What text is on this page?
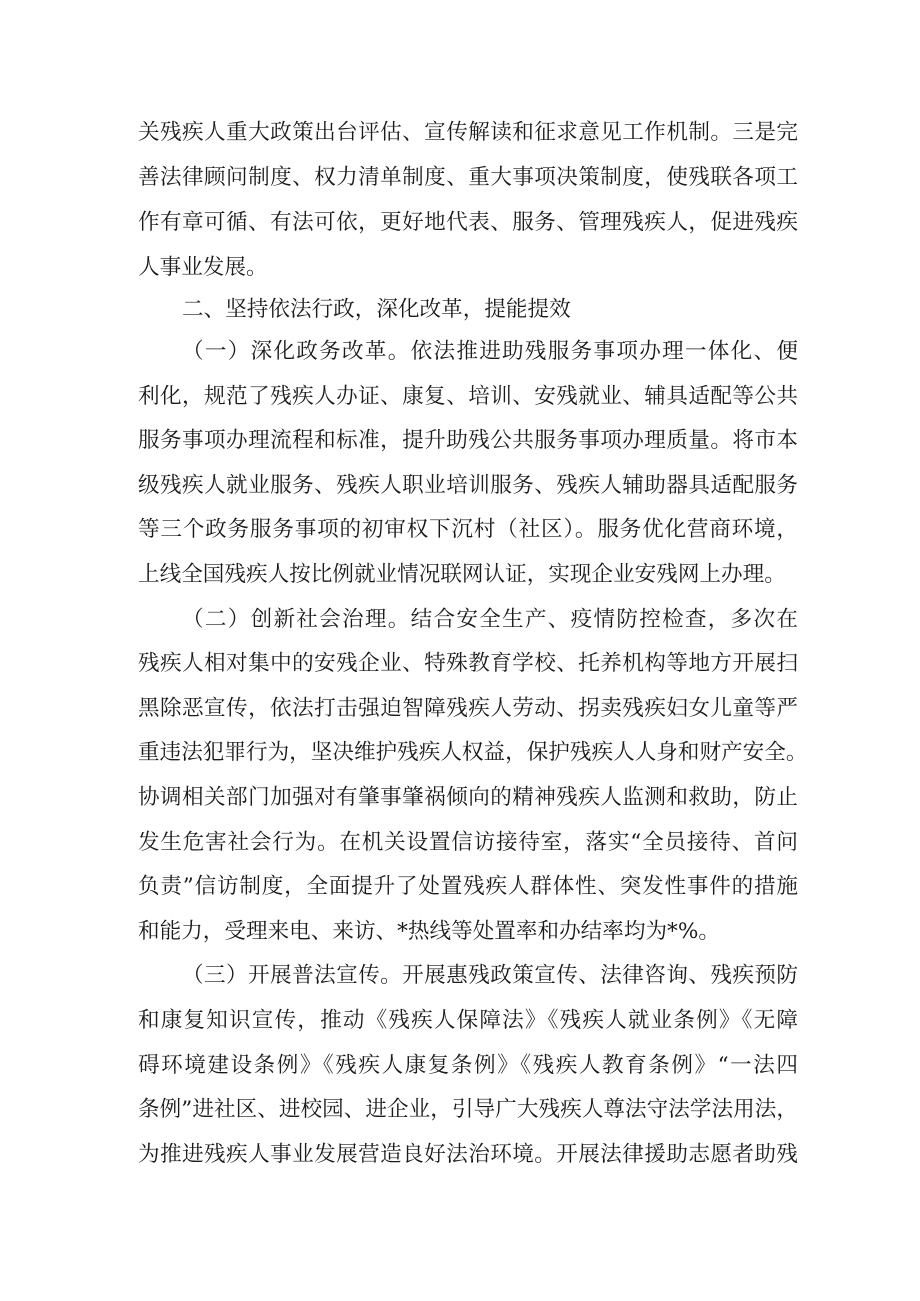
关残疾人重大政策出台评估、宣传解读和征求意见工作机制。三是完
善法律顾问制度、权力清单制度、重大事项决策制度，使残联各项工
作有章可循、有法可依，更好地代表、服务、管理残疾人，促进残疾
人事业发展。
二、坚持依法行政，深化改革，提能提效
（一）深化政务改革。依法推进助残服务事项办理一体化、便
利化，规范了残疾人办证、康复、培训、安残就业、辅具适配等公共
服务事项办理流程和标准，提升助残公共服务事项办理质量。将市本
级残疾人就业服务、残疾人职业培训服务、残疾人辅助器具适配服务
等三个政务服务事项的初审权下沉村（社区）。服务优化营商环境，
上线全国残疾人按比例就业情况联网认证，实现企业安残网上办理。
（二）创新社会治理。结合安全生产、疫情防控检查，多次在
残疾人相对集中的安残企业、特殊教育学校、托养机构等地方开展扫
黑除恶宣传，依法打击强迫智障残疾人劳动、拐卖残疾妇女儿童等严
重违法犯罪行为，坚决维护残疾人权益，保护残疾人人身和财产安全。
协调相关部门加强对有肇事肇祸倾向的精神残疾人监测和救助，防止
发生危害社会行为。在机关设置信访接待室，落实“全员接待、首问
负责”信访制度，全面提升了处置残疾人群体性、突发性事件的措施
和能力，受理来电、来访、*热线等处置率和办结率均为*%。
（三）开展普法宣传。开展惠残政策宣传、法律咨询、残疾预防
和康复知识宣传，推动《残疾人保障法》《残疾人就业条例》《无障
碍环境建设条例》《残疾人康复条例》《残疾人教育条例》“一法四
条例”进社区、进校园、进企业，引导广大残疾人尊法守法学法用法，
为推进残疾人事业发展营造良好法治环境。开展法律援助志愿者助残
